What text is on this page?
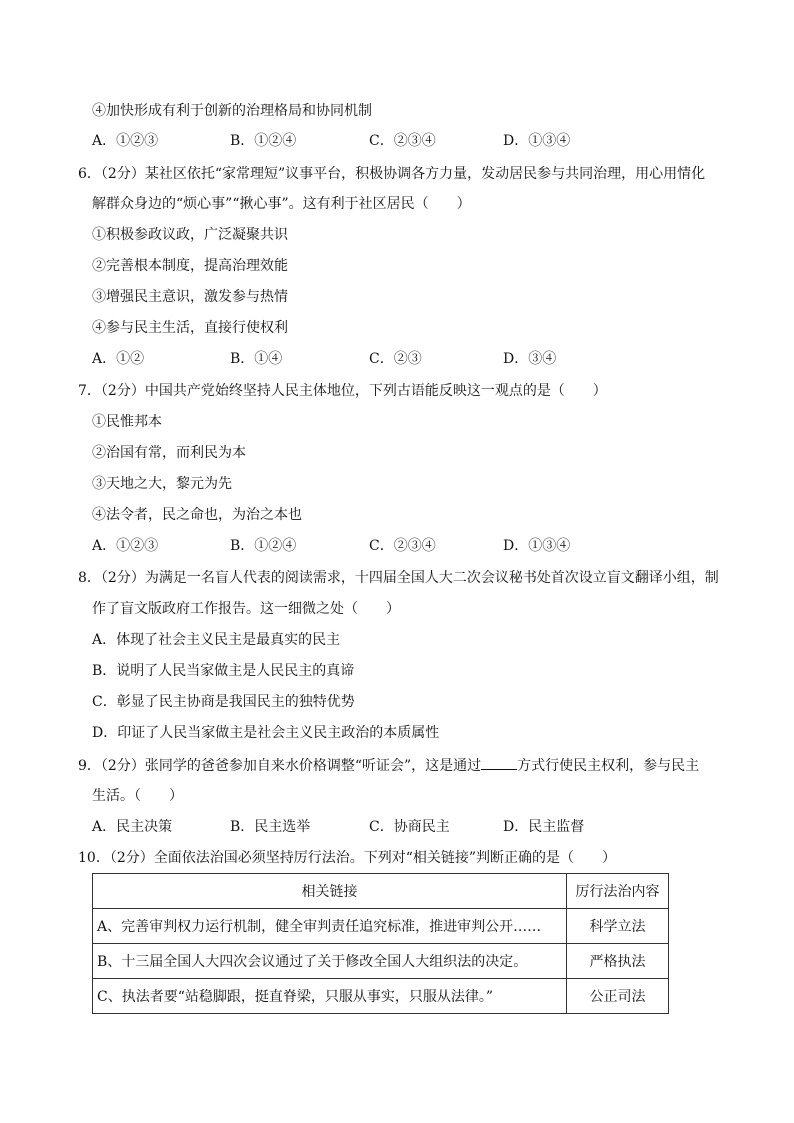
④加快形成有利于创新的治理格局和协同机制
A．①②③	B．①②④	C．②③④	D．①③④
6．（2分）某社区依托“家常理短”议事平台，积极协调各方力量，发动居民参与共同治理，用心用情化
解群众身边的“烦心事”“揪心事”。这有利于社区居民（　　）
①积极参政议政，广泛凝聚共识
②完善根本制度，提高治理效能
③增强民主意识，激发参与热情
④参与民主生活，直接行使权利
A．①②	B．①④	C．②③	D．③④
7．（2分）中国共产党始终坚持人民主体地位，下列古语能反映这一观点的是（　　）
①民惟邦本
②治国有常，而利民为本
③天地之大，黎元为先
④法令者，民之命也，为治之本也
A．①②③	B．①②④	C．②③④	D．①③④
8．（2分）为满足一名盲人代表的阅读需求，十四届全国人大二次会议秘书处首次设立盲文翻译小组，制
作了盲文版政府工作报告。这一细微之处（　　）
A．体现了社会主义民主是最真实的民主
B．说明了人民当家做主是人民民主的真谛
C．彰显了民主协商是我国民主的独特优势
D．印证了人民当家做主是社会主义民主政治的本质属性
9．（2分）张同学的爸爸参加自来水价格调整“听证会”，这是通过	方式行使民主权利，参与民主
生活。（　　）
A．民主决策	B．民主选举	C．协商民主	D．民主监督
10．（2分）全面依法治国必须坚持厉行法治。下列对“相关链接”判断正确的是（　　）
相关链接	厉行法治内容
A、完善审判权力运行机制，健全审判责任追究标准，推进审判公开……	科学立法
B、十三届全国人大四次会议通过了关于修改全国人大组织法的决定。	严格执法
C、执法者要“站稳脚跟，挺直脊梁，只服从事实，只服从法律。”	公正司法
